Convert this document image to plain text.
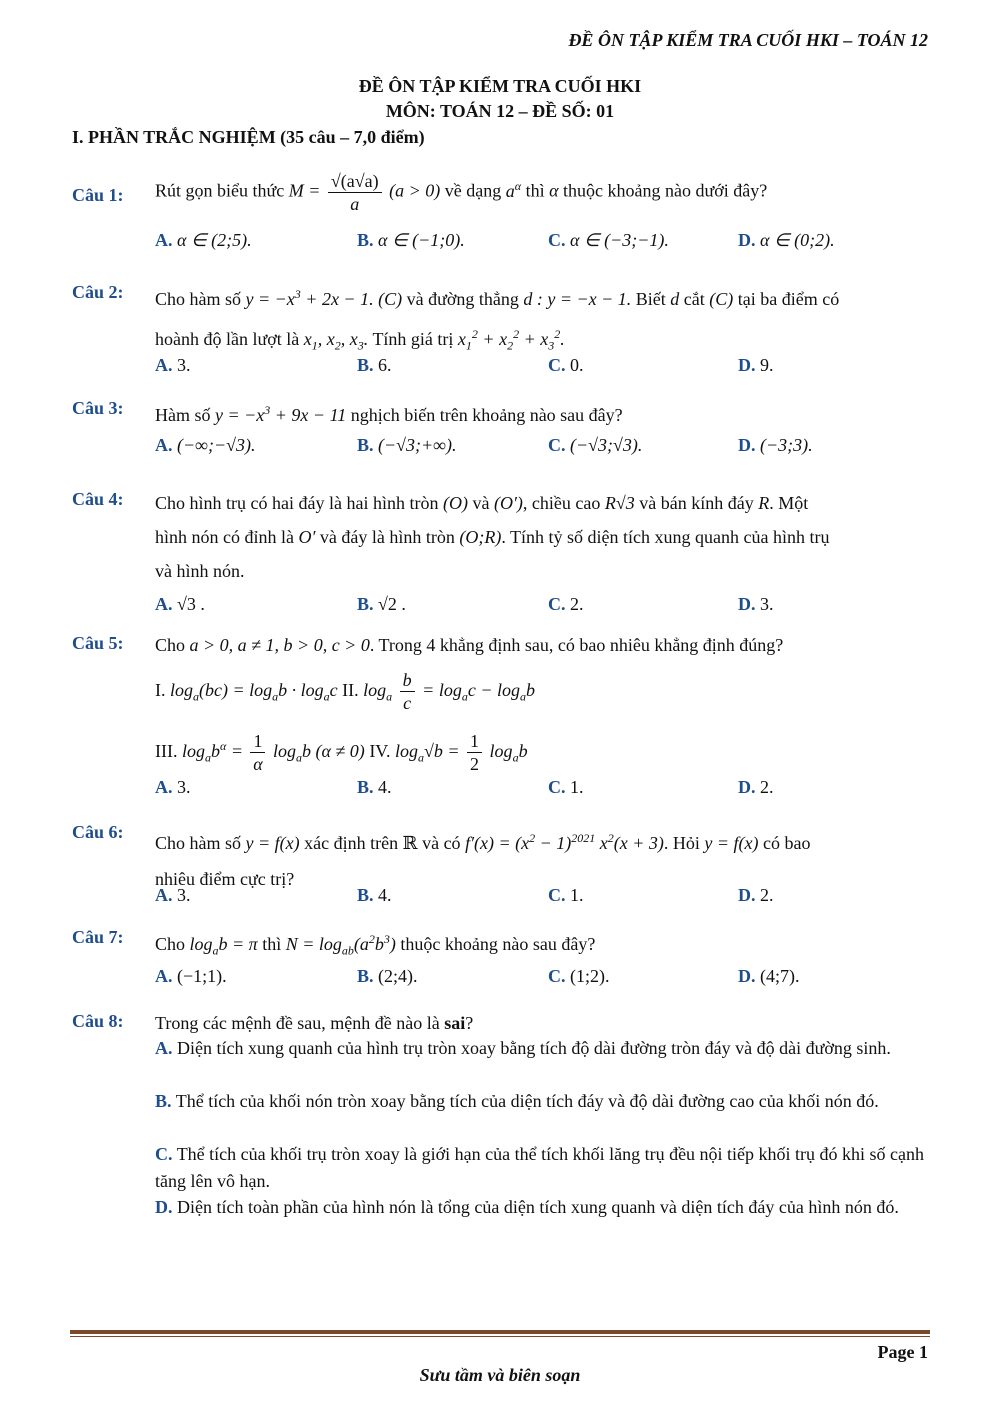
ĐỀ ÔN TẬP KIỂM TRA CUỐI HKI – TOÁN 12
ĐỀ ÔN TẬP KIỂM TRA CUỐI HKI
MÔN: TOÁN 12 – ĐỀ SỐ: 01
I. PHẦN TRẮC NGHIỆM (35 câu – 7,0 điểm)
Câu 1: Rút gọn biểu thức $M = \frac{√(a√a)}{a} (a > 0)$ về dạng $a^\alpha$ thì α thuộc khoảng nào dưới đây?
A. α ∈ (2;5).	B. α ∈ (−1;0).	C. α ∈ (−3;−1).	D. α ∈ (0;2).
Câu 2: Cho hàm số $y = -x^3 + 2x - 1$. (C) và đường thẳng d : y = −x − 1. Biết d cắt (C) tại ba điểm có
hoành độ lần lượt là $x_1$, $x_2$, $x_3$. Tính giá trị $x_1^2 + x_2^2 + x_3^2$.
A. 3.	B. 6.	C. 0.	D. 9.
Câu 3: Hàm số $y = -x^3 + 9x - 11$ nghịch biến trên khoảng nào sau đây?
A. (−∞;−√3).	B. (−√3;+∞).	C. (−√3;√3).	D. (−3;3).
Câu 4: Cho hình trụ có hai đáy là hai hình tròn (O) và (O′), chiều cao R√3 và bán kính đáy R. Một
hình nón có đỉnh là O′ và đáy là hình tròn (O;R). Tính tỷ số diện tích xung quanh của hình trụ
và hình nón.
A. √3 .	B. √2 .	C. 2.	D. 3.
Câu 5: Cho a > 0, a ≠ 1, b > 0, c > 0. Trong 4 khẳng định sau, có bao nhiêu khẳng định đúng?
I. $\log_a(bc) = \log_ab \cdot \log_ac$ II. $\log_a \frac{b}{c} = \log_ac - \log_ab$
III. $\log_ab^\alpha = \frac{1}{\alpha} \log_ab$ (α ≠ 0) IV. $\log_a√b = \frac{1}{2} \log_ab$
A. 3.	B. 4.	C. 1.	D. 2.
Câu 6:
Cho hàm số y = f(x) xác định trên ℝ và có $f'(x) = (x^2 - 1)^{2021}$ $x^2(x + 3)$. Hỏi y = f(x) có bao
nhiêu điểm cực trị?
A. 3.	B. 4.	C. 1.	D. 2.
Câu 7: Cho $\log_ab = \pi$ thì $N = \log_{ab}(a^2b^3)$ thuộc khoảng nào sau đây?
A. (−1;1).	B. (2;4).	C. (1;2).	D. (4;7).
Câu 8: Trong các mệnh đề sau, mệnh đề nào là sai?
A. Diện tích xung quanh của hình trụ tròn xoay bằng tích độ dài đường tròn đáy và độ dài đường sinh.
B. Thể tích của khối nón tròn xoay bằng tích của diện tích đáy và độ dài đường cao của khối nón đó.
C. Thể tích của khối trụ tròn xoay là giới hạn của thể tích khối lăng trụ đều nội tiếp khối trụ đó khi số cạnh tăng lên vô hạn.
D. Diện tích toàn phần của hình nón là tổng của diện tích xung quanh và diện tích đáy của hình nón đó.
Page 1
Sưu tầm và biên soạn
